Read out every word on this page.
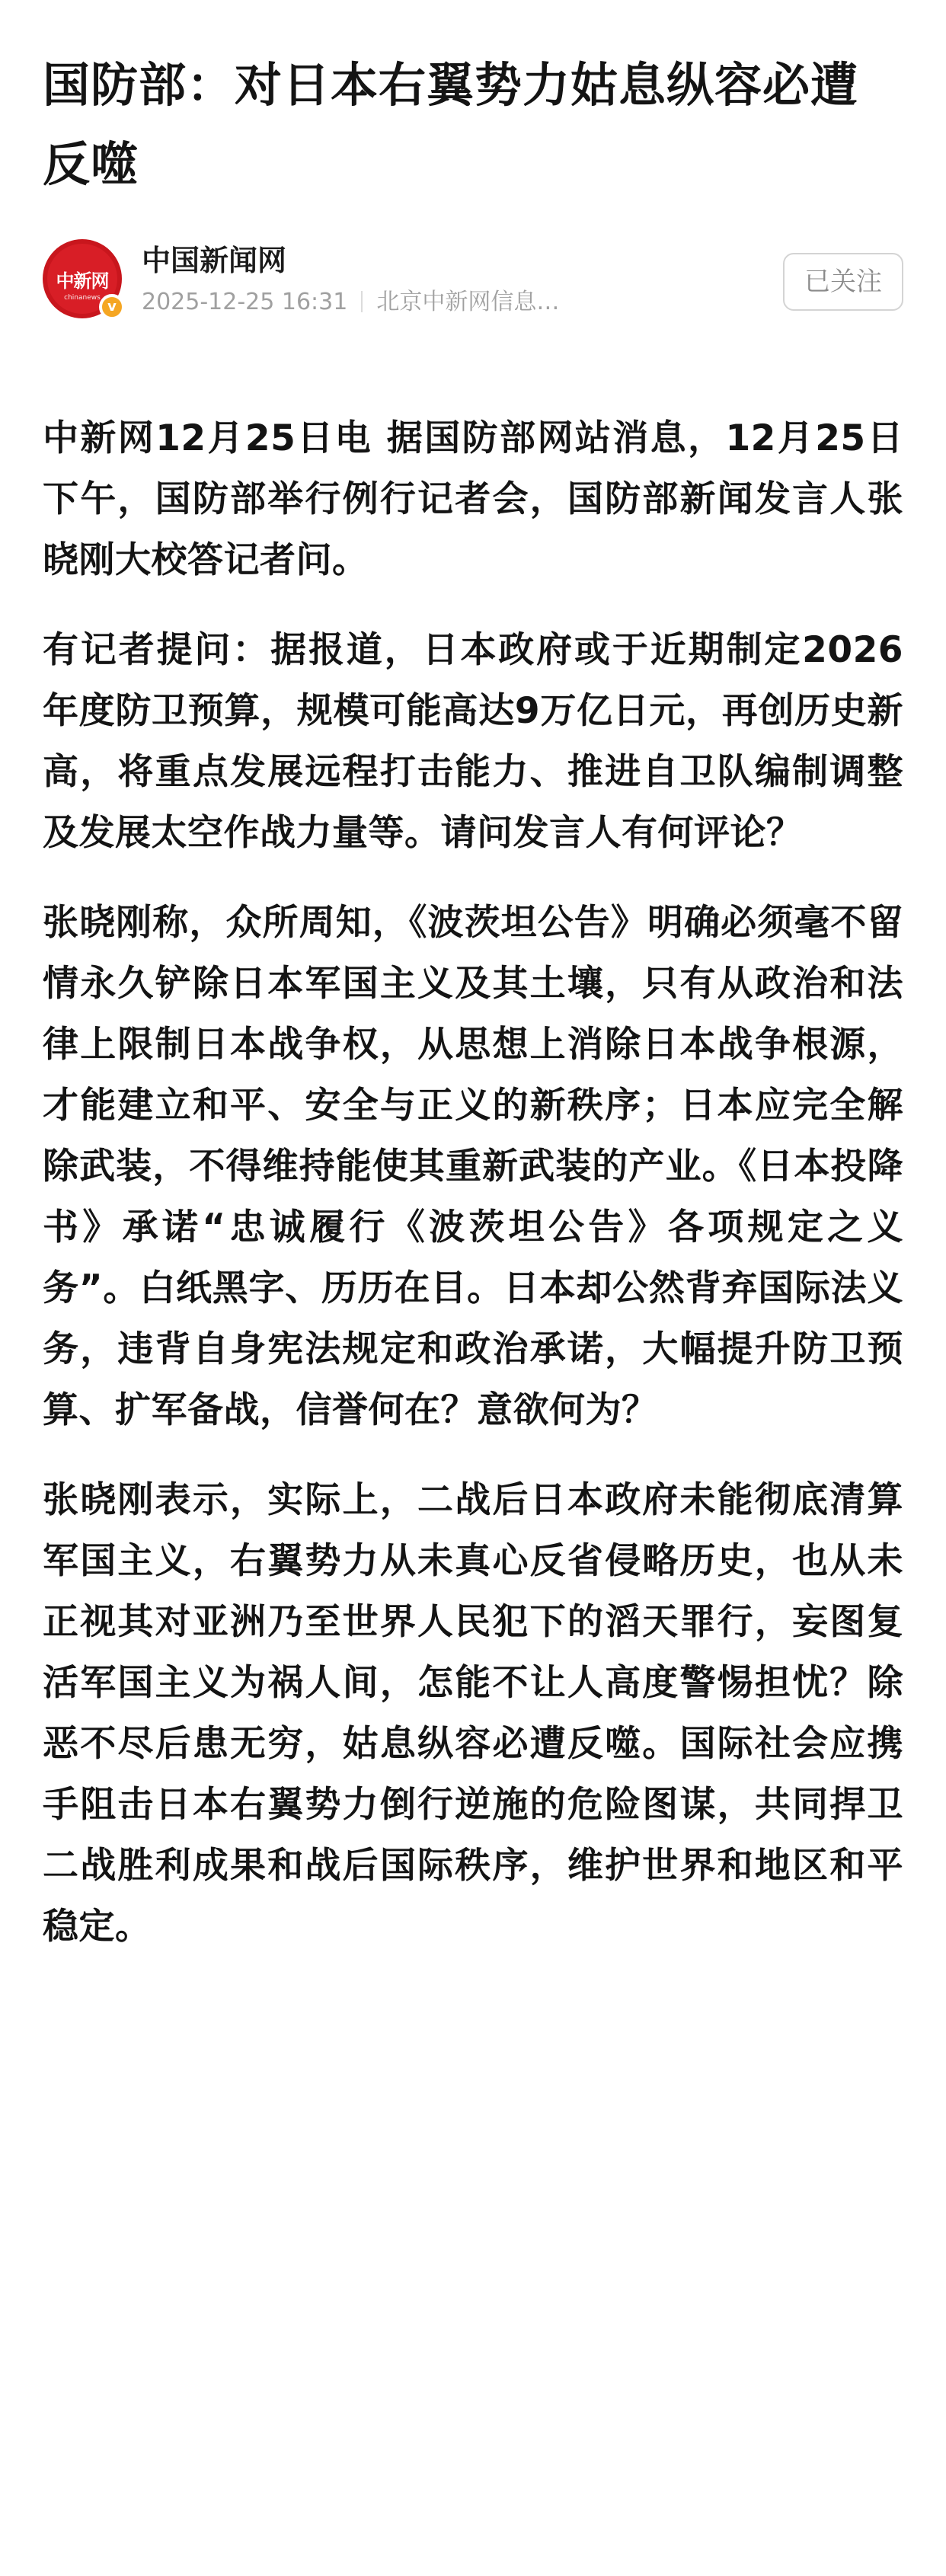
国防部：对日本右翼势力姑息纵容必遭反噬
中新网
chinanews
v
中国新闻网
2025-12-25 16:31 北京中新网信息…
已关注

中新网12月25日电 据国防部网站消息，12月25日下午，国防部举行例行记者会，国防部新闻发言人张晓刚大校答记者问。

有记者提问：据报道，日本政府或于近期制定2026年度防卫预算，规模可能高达9万亿日元，再创历史新高，将重点发展远程打击能力、推进自卫队编制调整及发展太空作战力量等。请问发言人有何评论？

张晓刚称，众所周知，《波茨坦公告》明确必须毫不留情永久铲除日本军国主义及其土壤，只有从政治和法律上限制日本战争权，从思想上消除日本战争根源，才能建立和平、安全与正义的新秩序；日本应完全解除武装，不得维持能使其重新武装的产业。《日本投降书》承诺“忠诚履行《波茨坦公告》各项规定之义务”。白纸黑字、历历在目。日本却公然背弃国际法义务，违背自身宪法规定和政治承诺，大幅提升防卫预算、扩军备战，信誉何在？意欲何为？

张晓刚表示，实际上，二战后日本政府未能彻底清算军国主义，右翼势力从未真心反省侵略历史，也从未正视其对亚洲乃至世界人民犯下的滔天罪行，妄图复活军国主义为祸人间，怎能不让人高度警惕担忧？除恶不尽后患无穷，姑息纵容必遭反噬。国际社会应携手阻击日本右翼势力倒行逆施的危险图谋，共同捍卫二战胜利成果和战后国际秩序，维护世界和地区和平稳定。
